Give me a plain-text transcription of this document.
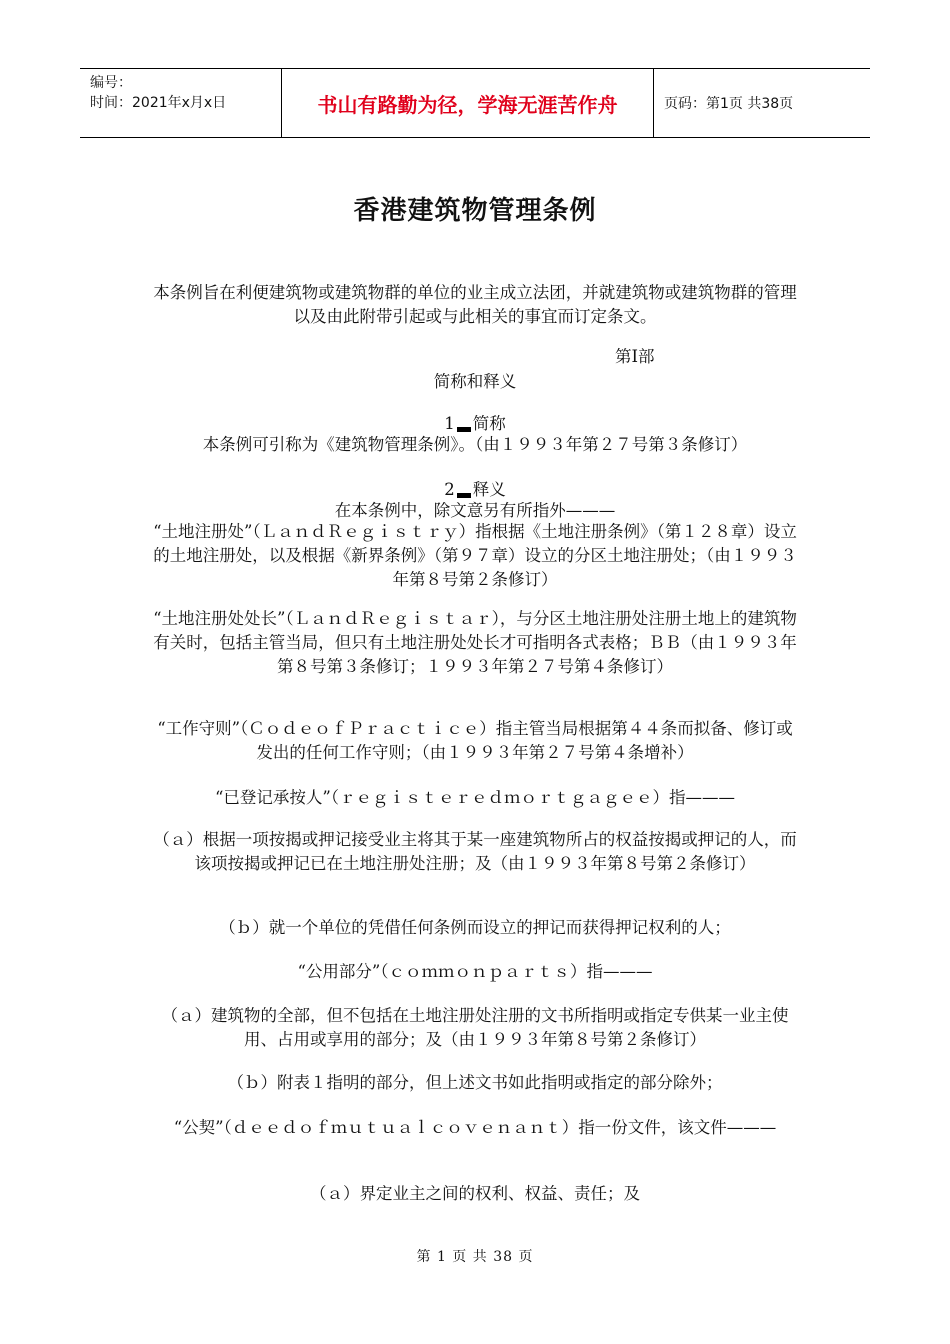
编号：
时间：2021年x月x日	书山有路勤为径，学海无涯苦作舟	页码：第1页 共38页
香港建筑物管理条例
本条例旨在利便建筑物或建筑物群的单位的业主成立法团，并就建筑物或建筑物群的管理以及由此附带引起或与此相关的事宜而订定条文。
第Ⅰ部
简称和释义
1 简称
本条例可引称为《建筑物管理条例》。（由１９９３年第２７号第３条修订）
2 释义
在本条例中，除文意另有所指外———
“土地注册处”（ＬａｎｄＲｅｇｉｓｔｒｙ）指根据《土地注册条例》（第１２８章）设立的土地注册处，以及根据《新界条例》（第９７章）设立的分区土地注册处；（由１９９３年第８号第２条修订）
“土地注册处处长”（ＬａｎｄＲｅｇｉｓｔａｒ），与分区土地注册处注册土地上的建筑物有关时，包括主管当局，但只有土地注册处处长才可指明各式表格；ＢＢ（由１９９３年第８号第３条修订；１９９３年第２７号第４条修订）
“工作守则”（ＣｏｄｅｏｆＰｒａｃｔｉｃｅ）指主管当局根据第４４条而拟备、修订或发出的任何工作守则；（由１９９３年第２７号第４条增补）
“已登记承按人”（ｒｅｇｉｓｔｅｒｅｄｍｏｒｔｇａｇｅｅ）指———
（ａ）根据一项按揭或押记接受业主将其于某一座建筑物所占的权益按揭或押记的人，而该项按揭或押记已在土地注册处注册；及（由１９９３年第８号第２条修订）
（ｂ）就一个单位的凭借任何条例而设立的押记而获得押记权利的人；
“公用部分”（ｃｏｍｍｏｎｐａｒｔｓ）指———
（ａ）建筑物的全部，但不包括在土地注册处注册的文书所指明或指定专供某一业主使用、占用或享用的部分；及（由１９９３年第８号第２条修订）
（ｂ）附表１指明的部分，但上述文书如此指明或指定的部分除外；
“公契”（ｄｅｅｄｏｆｍｕｔｕａｌｃｏｖｅｎａｎｔ）指一份文件，该文件———
（ａ）界定业主之间的权利、权益、责任；及
第 1 页 共 38 页
